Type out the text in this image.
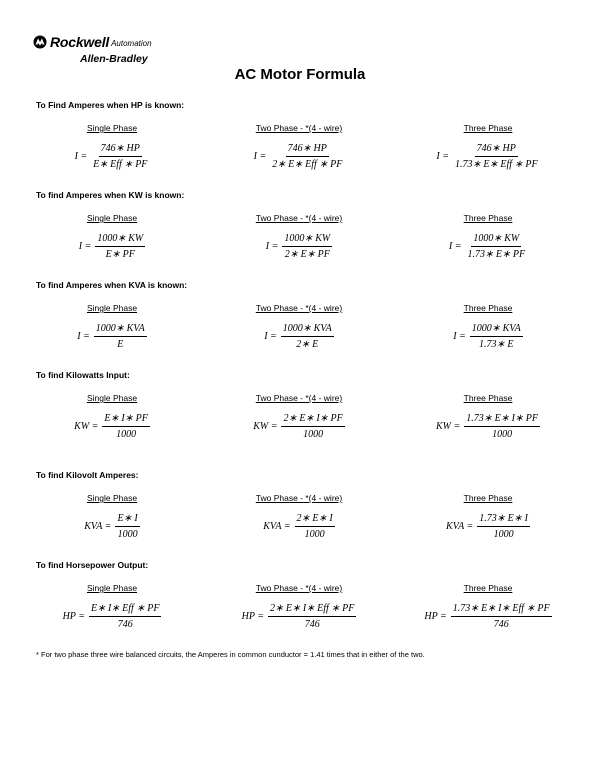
Rockwell Automation
Allen-Bradley
AC Motor Formula
To Find Amperes when HP is known:
Single Phase
$I = \frac{746∗ HP}{\text{E∗ Eff ∗ PF}}$
Two Phase - *(4 - wire)
$I = \frac{746∗ HP}{\text{2∗ E∗ Eff ∗ PF}}$
Three Phase
$I = \frac{746∗ HP}{\text{1.73∗ E∗ Eff ∗ PF}}$
To find Amperes when KW is known:
Single Phase
$I = \frac{1000∗ KW}{E∗ PF}$
Two Phase - *(4 - wire)
$I = \frac{1000∗ KW}{2∗ E∗ PF}$
Three Phase
$I = \frac{1000∗ KW}{1.73∗ E∗ PF}$
To find Amperes when KVA is known:
Single Phase
$I = \frac{\text{1000∗ KVA}}{E}$
Two Phase - *(4 - wire)
$I = \frac{\text{1000∗ KVA}}{2∗ E}$
Three Phase
$I = \frac{\text{1000∗ KVA}}{1.73∗ E}$
To find Kilowatts Input:
Single Phase
KW = $\frac{E∗ I∗ PF}{1000}$
Two Phase - *(4 - wire)
KW = $\frac{2∗ E∗ I∗ PF}{1000}$
Three Phase
KW = $\frac{1.73∗ E∗ I∗ PF}{1000}$
To find Kilovolt Amperes:
Single Phase
KVA = $\frac{E∗ I}{1000}$
Two Phase - *(4 - wire)
KVA = $\frac{2∗ E∗ I}{1000}$
Three Phase
KVA = $\frac{1.73∗ E∗ I}{1000}$
To find Horsepower Output:
Single Phase
HP = $\frac{\text{E∗ I∗ Eff ∗ PF}}{746}$
Two Phase - *(4 - wire)
HP = $\frac{\text{2∗ E∗ I∗ Eff ∗ PF}}{746}$
Three Phase
HP = $\frac{\text{1.73∗ E∗ I∗ Eff ∗ PF}}{746}$
* For two phase three wire balanced circuits, the Amperes in common cunductor = 1.41 times that in either of the two.
